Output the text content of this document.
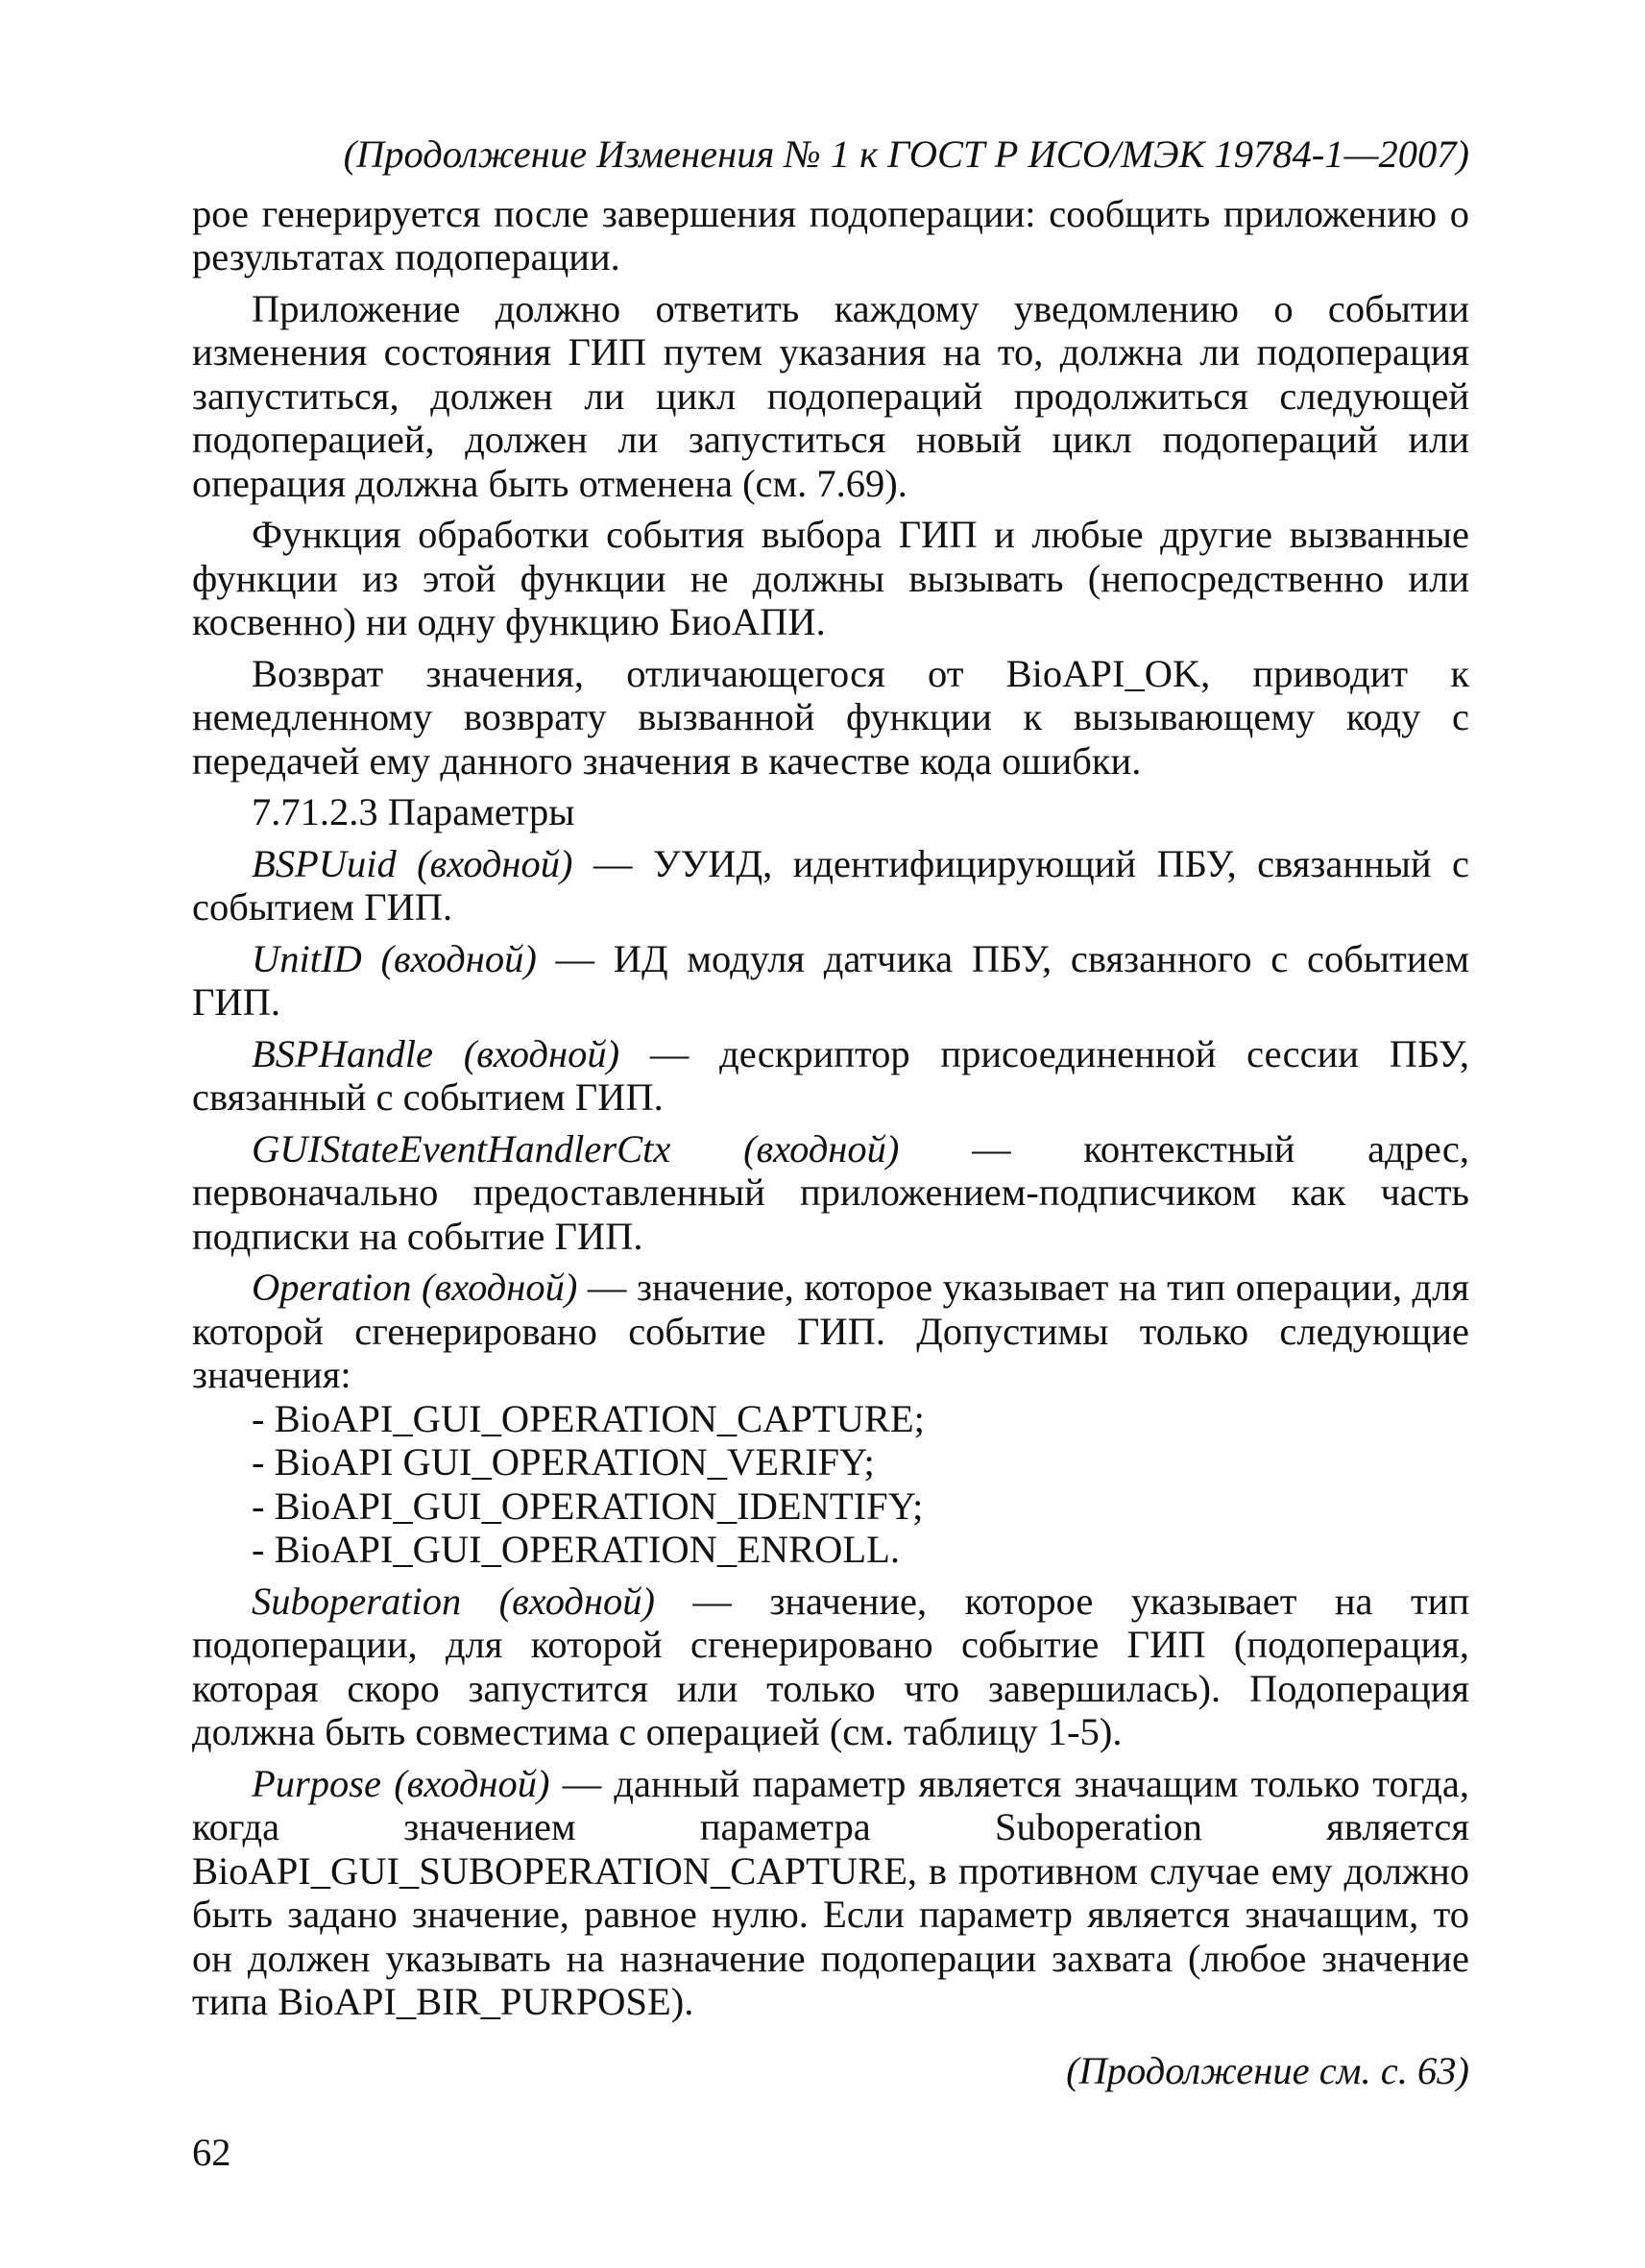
(Продолжение Изменения № 1 к ГОСТ Р ИСО/МЭК 19784-1—2007)

рое генерируется после завершения подоперации: сообщить приложению о результатах подоперации.

Приложение должно ответить каждому уведомлению о событии изменения состояния ГИП путем указания на то, должна ли подоперация запуститься, должен ли цикл подопераций продолжиться следующей подоперацией, должен ли запуститься новый цикл подопераций или операция должна быть отменена (см. 7.69).

Функция обработки события выбора ГИП и любые другие вызванные функции из этой функции не должны вызывать (непосредственно или косвенно) ни одну функцию БиоАПИ.

Возврат значения, отличающегося от BioAPI_OK, приводит к немедленному возврату вызванной функции к вызывающему коду с передачей ему данного значения в качестве кода ошибки.

7.71.2.3 Параметры

BSPUuid (входной) — УУИД, идентифицирующий ПБУ, связанный с событием ГИП.

UnitID (входной) — ИД модуля датчика ПБУ, связанного с событием ГИП.

BSPHandle (входной) — дескриптор присоединенной сессии ПБУ, связанный с событием ГИП.

GUIStateEventHandlerCtx (входной) — контекстный адрес, первоначально предоставленный приложением-подписчиком как часть подписки на событие ГИП.

Operation (входной) — значение, которое указывает на тип операции, для которой сгенерировано событие ГИП. Допустимы только следующие значения:

- BioAPI_GUI_OPERATION_CAPTURE;

- BioAPI GUI_OPERATION_VERIFY;

- BioAPI_GUI_OPERATION_IDENTIFY;

- BioAPI_GUI_OPERATION_ENROLL.

Suboperation (входной) — значение, которое указывает на тип подоперации, для которой сгенерировано событие ГИП (подоперация, которая скоро запустится или только что завершилась). Подоперация должна быть совместима с операцией (см. таблицу 1-5).

Purpose (входной) — данный параметр является значащим только тогда, когда значением параметра Suboperation является BioAPI_GUI_SUBOPERATION_CAPTURE, в противном случае ему должно быть задано значение, равное нулю. Если параметр является значащим, то он должен указывать на назначение подоперации захвата (любое значение типа BioAPI_BIR_PURPOSE).

(Продолжение см. с. 63)
62
